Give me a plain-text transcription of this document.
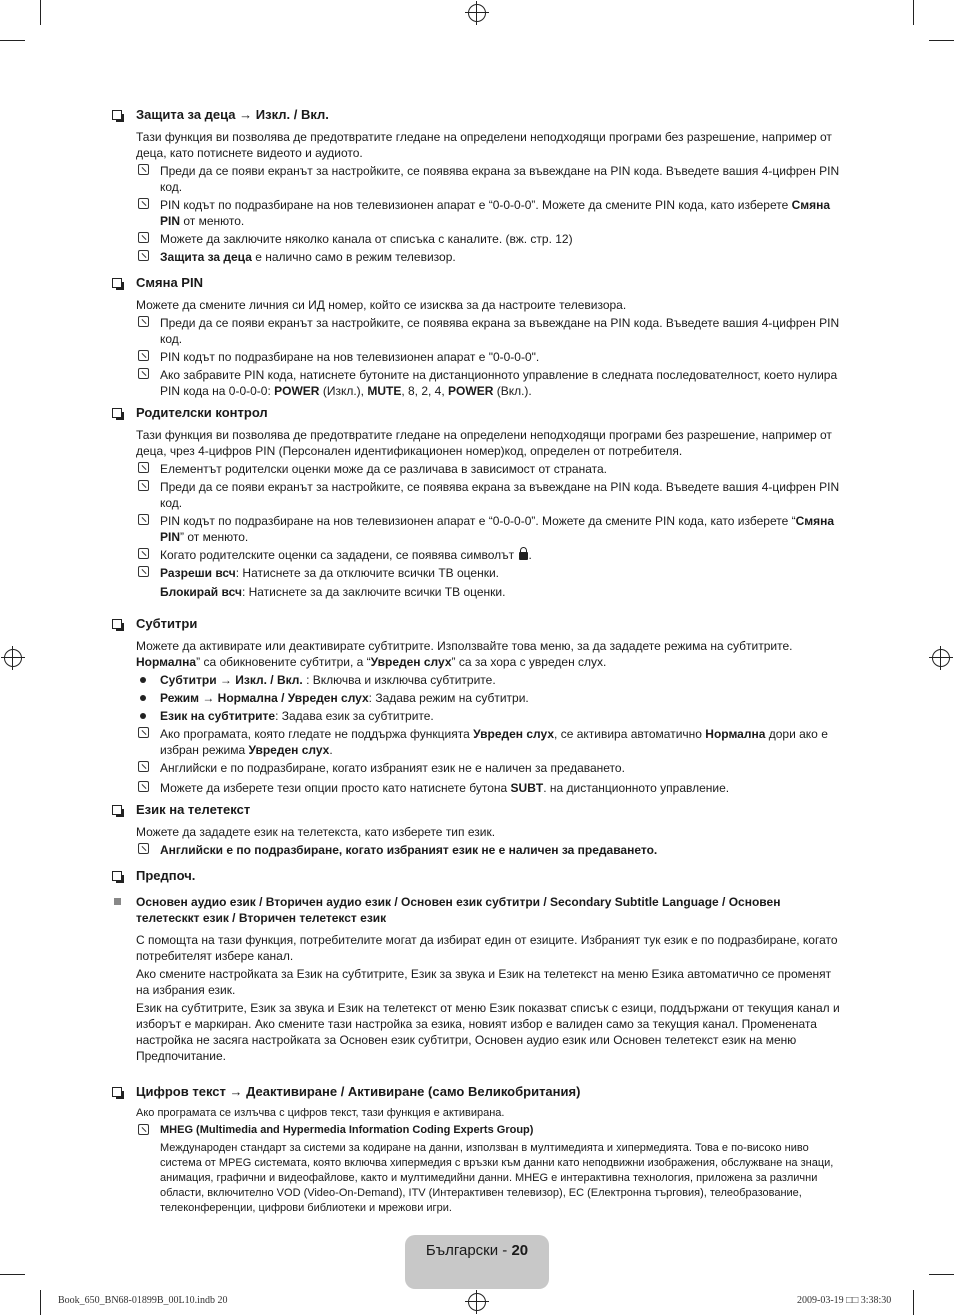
Защита за деца → Изкл. / Вкл.
Тази функция ви позволява де предотвратите гледане на определени неподходящи програми без разрешение, например от деца, като потиснете видеото и аудиото.
Преди да се появи екранът за настройките, се появява екрана за въвеждане на PIN кода. Въведете вашия 4-цифрен PIN код.
PIN кодът по подразбиране на нов телевизионен апарат е “0-0-0-0”. Можете да смените PIN кода, като изберете Смяна PIN от менюто.
Можете да заключите няколко канала от списъка с каналите. (вж. стр. 12)
Защита за деца е налично само в режим телевизор.
Смяна PIN
Можете да смените личния си ИД номер, който се изисква за да настроите телевизора.
Преди да се появи екранът за настройките, се появява екрана за въвеждане на PIN кода. Въведете вашия 4-цифрен PIN код.
PIN кодът по подразбиране на нов телевизионен апарат е "0-0-0-0".
Ако забравите PIN кода, натиснете бутоните на дистанционното управление в следната последователност, което нулира PIN кода на 0-0-0-0: POWER (Изкл.), MUTE, 8, 2, 4, POWER (Вкл.).
Родителски контрол
Тази функция ви позволява де предотвратите гледане на определени неподходящи програми без разрешение, например от деца, чрез 4-цифров PIN (Персонален идентификационен номер)код, определен от потребителя.
Елементът родителски оценки може да се различава в зависимост от страната.
Преди да се появи екранът за настройките, се появява екрана за въвеждане на PIN кода. Въведете вашия 4-цифрен PIN код.
PIN кодът по подразбиране на нов телевизионен апарат е “0-0-0-0”. Можете да смените PIN кода, като изберете “Смяна PIN” от менюто.
Когато родителските оценки са зададени, се появява символът .
Разреши всч: Натиснете за да отключите всички ТВ оценки.
Блокирай всч: Натиснете за да заключите всички ТВ оценки.
Субтитри
Можете да активирате или деактивирате субтитрите. Използвайте това меню, за да зададете режима на субтитрите. Нормална” са обикновените субтитри, а “Увреден слух” са за хора с увреден слух.
Субтитри → Изкл. / Вкл. : Включва и изключва субтитрите.
Режим → Нормална / Увреден слух: Задава режим на субтитри.
Език на субтитрите: Задава език за субтитрите.
Ако програмата, която гледате не поддържа функцията Увреден слух, се активира автоматично Нормална дори ако е избран режима Увреден слух.
Английски е по подразбиране, когато избраният език не е наличен за предаването.
Можете да изберете тези опции просто като натиснете бутона SUBT. на дистанционното управление.
Език на телетекст
Можете да зададете език на телетекста, като изберете тип език.
Английски е по подразбиране, когато избраният език не е наличен за предаването.
Предпоч.
Основен аудио език / Вторичен аудио език / Основен език субтитри / Secondary Subtitle Language / Основен телетесккт език / Вторичен телетекст език
С помощта на тази функция, потребителите могат да избират един от езиците. Избраният тук език е по подразбиране, когато потребителят избере канал.
Ако смените настройката за Език на субтитрите, Език за звука и Език на телетекст на меню Езика автоматично се променят на избрания език.
Език на субтитрите, Език за звука и Език на телетекст от меню Език показват списък с езици, поддържани от текущия канал и изборът е маркиран. Ако смените тази настройка за езика, новият избор е валиден само за текущия канал. Променената настройка не засяга настройката за Основен език субтитри, Основен аудио език или Основен телетекст език на меню Предпочитание.
Цифров текст → Деактивиране / Активиране (само Великобритания)
Ако програмата се излъчва с цифров текст, тази функция е активирана.
MHEG (Multimedia and Hypermedia Information Coding Experts Group)
Международен стандарт за системи за кодиране на данни, използван в мултимедията и хипермедията. Това е по-високо ниво система от MPEG системата, която включва хипермедия с връзки към данни като неподвижни изображения, обслужване на знаци, анимация, графични и видеофайлове, както и мултимедийни данни. MHEG е интерактивна технология, приложена за различни области, включително VOD (Video-On-Demand), ITV (Интерактивен телевизор), EC (Електронна търговия), телеобразование, телеконференции, цифрови библиотеки и мрежови игри.
Български - 20
Book_650_BN68-01899B_00L10.indb 20	2009-03-19 □□ 3:38:30
